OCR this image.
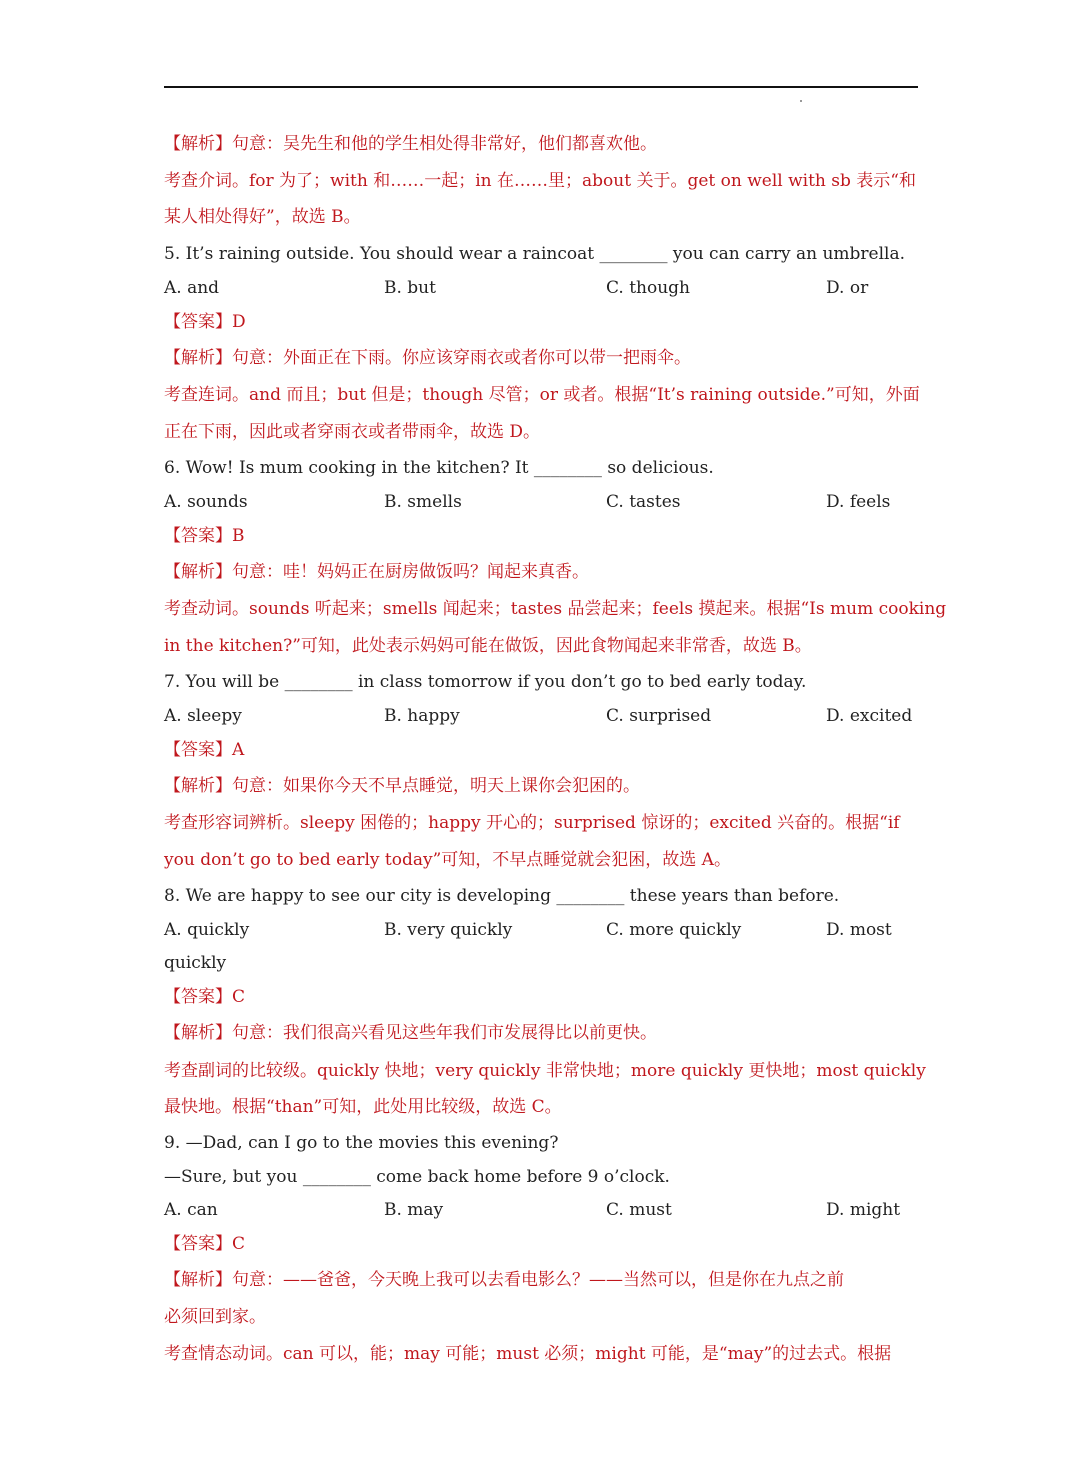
【解析】句意：吴先生和他的学生相处得非常好，他们都喜欢他。
考查介词。for 为了；with 和……一起；in 在……里；about 关于。get on well with sb 表示“和
某人相处得好”，故选 B。
5. It’s raining outside. You should wear a raincoat ________ you can carry an umbrella.
A. and	B. but	C. though	D. or
【答案】D
【解析】句意：外面正在下雨。你应该穿雨衣或者你可以带一把雨伞。
考查连词。and 而且；but 但是；though 尽管；or 或者。根据“It’s raining outside.”可知，外面
正在下雨，因此或者穿雨衣或者带雨伞，故选 D。
6. Wow! Is mum cooking in the kitchen? It ________ so delicious.
A. sounds	B. smells	C. tastes	D. feels
【答案】B
【解析】句意：哇！妈妈正在厨房做饭吗？闻起来真香。
考查动词。sounds 听起来；smells 闻起来；tastes 品尝起来；feels 摸起来。根据“Is mum cooking
in the kitchen?”可知，此处表示妈妈可能在做饭，因此食物闻起来非常香，故选 B。
7. You will be ________ in class tomorrow if you don’t go to bed early today.
A. sleepy	B. happy	C. surprised	D. excited
【答案】A
【解析】句意：如果你今天不早点睡觉，明天上课你会犯困的。
考查形容词辨析。sleepy 困倦的；happy 开心的；surprised 惊讶的；excited 兴奋的。根据“if
you don’t go to bed early today”可知，不早点睡觉就会犯困，故选 A。
8. We are happy to see our city is developing ________ these years than before.
A. quickly	B. very quickly	C. more quickly	D. most
quickly
【答案】C
【解析】句意：我们很高兴看见这些年我们市发展得比以前更快。
考查副词的比较级。quickly 快地；very quickly 非常快地；more quickly 更快地；most quickly
最快地。根据“than”可知，此处用比较级，故选 C。
9. —Dad, can I go to the movies this evening?
—Sure, but you ________ come back home before 9 o’clock.
A. can	B. may	C. must	D. might
【答案】C
【解析】句意：——爸爸，今天晚上我可以去看电影么？——当然可以，但是你在九点之前
必须回到家。
考查情态动词。can 可以，能；may 可能；must 必须；might 可能，是“may”的过去式。根据
